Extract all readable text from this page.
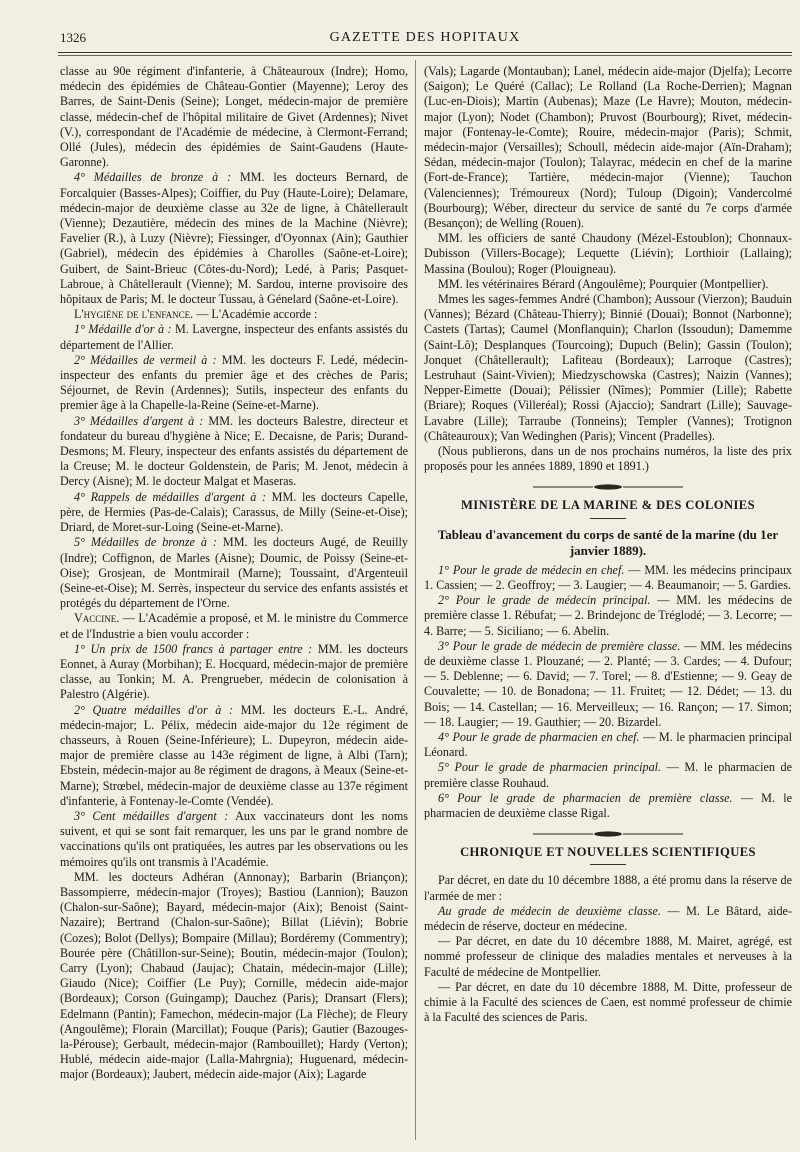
1326	GAZETTE DES HOPITAUX

classe au 90e régiment d'infanterie, à Châteauroux (Indre); Homo, médecin des épidémies de Château-Gontier (Mayenne); Leroy des Barres, de Saint-Denis (Seine); Longet, médecin-major de première classe, médecin-chef de l'hôpital militaire de Givet (Ardennes); Nivet (V.), correspondant de l'Académie de médecine, à Clermont-Ferrand; Ollé (Jules), médecin des épidémies de Saint-Gaudens (Haute-Garonne).

4° Médailles de bronze à : MM. les docteurs Bernard, de Forcalquier (Basses-Alpes); Coiffier, du Puy (Haute-Loire); Delamare, médecin-major de deuxième classe au 32e de ligne, à Châtellerault (Vienne); Dezautière, médecin des mines de la Machine (Nièvre); Favelier (R.), à Luzy (Nièvre); Fiessinger, d'Oyonnax (Ain); Gauthier (Gabriel), médecin des épidémies à Charolles (Saône-et-Loire); Guibert, de Saint-Brieuc (Côtes-du-Nord); Ledé, à Paris; Pasquet-Labroue, à Châtellerault (Vienne); M. Sardou, interne provisoire des hôpitaux de Paris; M. le docteur Tussau, à Génelard (Saône-et-Loire).

L'hygiène de l'enfance. — L'Académie accorde :

1° Médaille d'or à : M. Lavergne, inspecteur des enfants assistés du département de l'Allier.

2° Médailles de vermeil à : MM. les docteurs F. Ledé, médecin-inspecteur des enfants du premier âge et des crèches de Paris; Séjournet, de Revin (Ardennes); Sutils, inspecteur des enfants du premier âge à la Chapelle-la-Reine (Seine-et-Marne).

3° Médailles d'argent à : MM. les docteurs Balestre, directeur et fondateur du bureau d'hygiène à Nice; E. Decaisne, de Paris; Durand-Desmons; M. Fleury, inspecteur des enfants assistés du département de la Creuse; M. le docteur Goldenstein, de Paris; M. Jenot, médecin à Dercy (Aisne); M. le docteur Malgat et Maseras.

4° Rappels de médailles d'argent à : MM. les docteurs Capelle, père, de Hermies (Pas-de-Calais); Carassus, de Milly (Seine-et-Oise); Driard, de Moret-sur-Loing (Seine-et-Marne).

5° Médailles de bronze à : MM. les docteurs Augé, de Reuilly (Indre); Coffignon, de Marles (Aisne); Doumic, de Poissy (Seine-et-Oise); Grosjean, de Montmirail (Marne); Toussaint, d'Argenteuil (Seine-et-Oise); M. Serrès, inspecteur du service des enfants assistés et protégés du département de l'Orne.

Vaccine. — L'Académie a proposé, et M. le ministre du Commerce et de l'Industrie a bien voulu accorder :

1° Un prix de 1500 francs à partager entre : MM. les docteurs Eonnet, à Auray (Morbihan); E. Hocquard, médecin-major de première classe, au Tonkin; M. A. Prengrueber, médecin de colonisation à Palestro (Algérie).

2° Quatre médailles d'or à : MM. les docteurs E.-L. André, médecin-major; L. Pélix, médecin aide-major du 12e régiment de chasseurs, à Rouen (Seine-Inférieure); L. Dupeyron, médecin aide-major de première classe au 143e régiment de ligne, à Albi (Tarn); Ebstein, médecin-major au 8e régiment de dragons, à Meaux (Seine-et-Marne); Strœbel, médecin-major de deuxième classe au 137e régiment d'infanterie, à Fontenay-le-Comte (Vendée).

3° Cent médailles d'argent : Aux vaccinateurs dont les noms suivent, et qui se sont fait remarquer, les uns par le grand nombre de vaccinations qu'ils ont pratiquées, les autres par les observations ou les mémoires qu'ils ont transmis à l'Académie.

MM. les docteurs Adhéran (Annonay); Barbarin (Briançon); Bassompierre, médecin-major (Troyes); Bastiou (Lannion); Bauzon (Chalon-sur-Saône); Bayard, médecin-major (Aix); Benoist (Saint-Nazaire); Bertrand (Chalon-sur-Saône); Billat (Liévin); Bobrie (Cozes); Bolot (Dellys); Bompaire (Millau); Bordéremy (Commentry); Bourée père (Châtillon-sur-Seine); Boutin, médecin-major (Toulon); Carry (Lyon); Chabaud (Jaujac); Chatain, médecin-major (Lille); Giaudo (Nice); Coiffier (Le Puy); Cornille, médecin aide-major (Bordeaux); Corson (Guingamp); Dauchez (Paris); Dransart (Flers); Edelmann (Pantin); Famechon, médecin-major (La Flèche); de Fleury (Angoulême); Florain (Marcillat); Fouque (Paris); Gautier (Bazouges-la-Pérouse); Gerbault, médecin-major (Rambouillet); Hardy (Verton); Hublé, médecin aide-major (Lalla-Mahrgnia); Huguenard, médecin-major (Bordeaux); Jaubert, médecin aide-major (Aix); Lagarde

(Vals); Lagarde (Montauban); Lanel, médecin aide-major (Djelfa); Lecorre (Saigon); Le Quéré (Callac); Le Rolland (La Roche-Derrien); Magnan (Luc-en-Diois); Martin (Aubenas); Maze (Le Havre); Mouton, médecin-major (Lyon); Nodet (Chambon); Pruvost (Bourbourg); Rivet, médecin-major (Fontenay-le-Comte); Rouire, médecin-major (Paris); Schmit, médecin-major (Versailles); Schoull, médecin aide-major (Aïn-Draham); Sédan, médecin-major (Toulon); Talayrac, médecin en chef de la marine (Fort-de-France); Tartière, médecin-major (Vienne); Tauchon (Valenciennes); Trémoureux (Nord); Tuloup (Digoin); Vandercolmé (Bourbourg); Wéber, directeur du service de santé du 7e corps d'armée (Besançon); de Welling (Rouen).

MM. les officiers de santé Chaudony (Mézel-Estoublon); Chonnaux-Dubisson (Villers-Bocage); Lequette (Liévin); Lorthioir (Lallaing); Massina (Boulou); Roger (Plouigneau).

MM. les vétérinaires Bérard (Angoulême); Pourquier (Montpellier).

Mmes les sages-femmes André (Chambon); Aussour (Vierzon); Bauduin (Vannes); Bézard (Château-Thierry); Binnié (Douai); Bonnot (Narbonne); Castets (Tartas); Caumel (Monflanquin); Charlon (Issoudun); Damemme (Saint-Lô); Desplanques (Tourcoing); Dupuch (Belin); Gassin (Toulon); Jonquet (Châtellerault); Lafiteau (Bordeaux); Larroque (Castres); Lestruhaut (Saint-Vivien); Miedzyschowska (Castres); Naizin (Vannes); Nepper-Eimette (Douai); Pélissier (Nîmes); Pommier (Lille); Rabette (Briare); Roques (Villeréal); Rossi (Ajaccio); Sandrart (Lille); Sauvage-Lavabre (Lille); Tarraube (Tonneins); Templer (Vannes); Trotignon (Châteauroux); Van Wedinghen (Paris); Vincent (Pradelles).

(Nous publierons, dans un de nos prochains numéros, la liste des prix proposés pour les années 1889, 1890 et 1891.)

MINISTÈRE DE LA MARINE & DES COLONIES
Tableau d'avancement du corps de santé de la marine (du 1er janvier 1889).

1° Pour le grade de médecin en chef. — MM. les médecins principaux 1. Cassien; — 2. Geoffroy; — 3. Laugier; — 4. Beaumanoir; — 5. Gardies.

2° Pour le grade de médecin principal. — MM. les médecins de première classe 1. Rébufat; — 2. Brindejonc de Tréglodé; — 3. Lecorre; — 4. Barre; — 5. Siciliano; — 6. Abelin.

3° Pour le grade de médecin de première classe. — MM. les médecins de deuxième classe 1. Plouzané; — 2. Planté; — 3. Cardes; — 4. Dufour; — 5. Deblenne; — 6. David; — 7. Torel; — 8. d'Estienne; — 9. Geay de Couvalette; — 10. de Bonadona; — 11. Fruitet; — 12. Dédet; — 13. du Bois; — 14. Castellan; — 16. Merveilleux; — 16. Rançon; — 17. Simon; — 18. Laugier; — 19. Gauthier; — 20. Bizardel.

4° Pour le grade de pharmacien en chef. — M. le pharmacien principal Léonard.

5° Pour le grade de pharmacien principal. — M. le pharmacien de première classe Rouhaud.

6° Pour le grade de pharmacien de première classe. — M. le pharmacien de deuxième classe Rigal.

CHRONIQUE ET NOUVELLES SCIENTIFIQUES

Par décret, en date du 10 décembre 1888, a été promu dans la réserve de l'armée de mer :

Au grade de médecin de deuxième classe. — M. Le Bâtard, aide-médecin de réserve, docteur en médecine.

— Par décret, en date du 10 décembre 1888, M. Mairet, agrégé, est nommé professeur de clinique des maladies mentales et nerveuses à la Faculté de médecine de Montpellier.

— Par décret, en date du 10 décembre 1888, M. Ditte, professeur de chimie à la Faculté des sciences de Caen, est nommé professeur de chimie à la Faculté des sciences de Paris.
